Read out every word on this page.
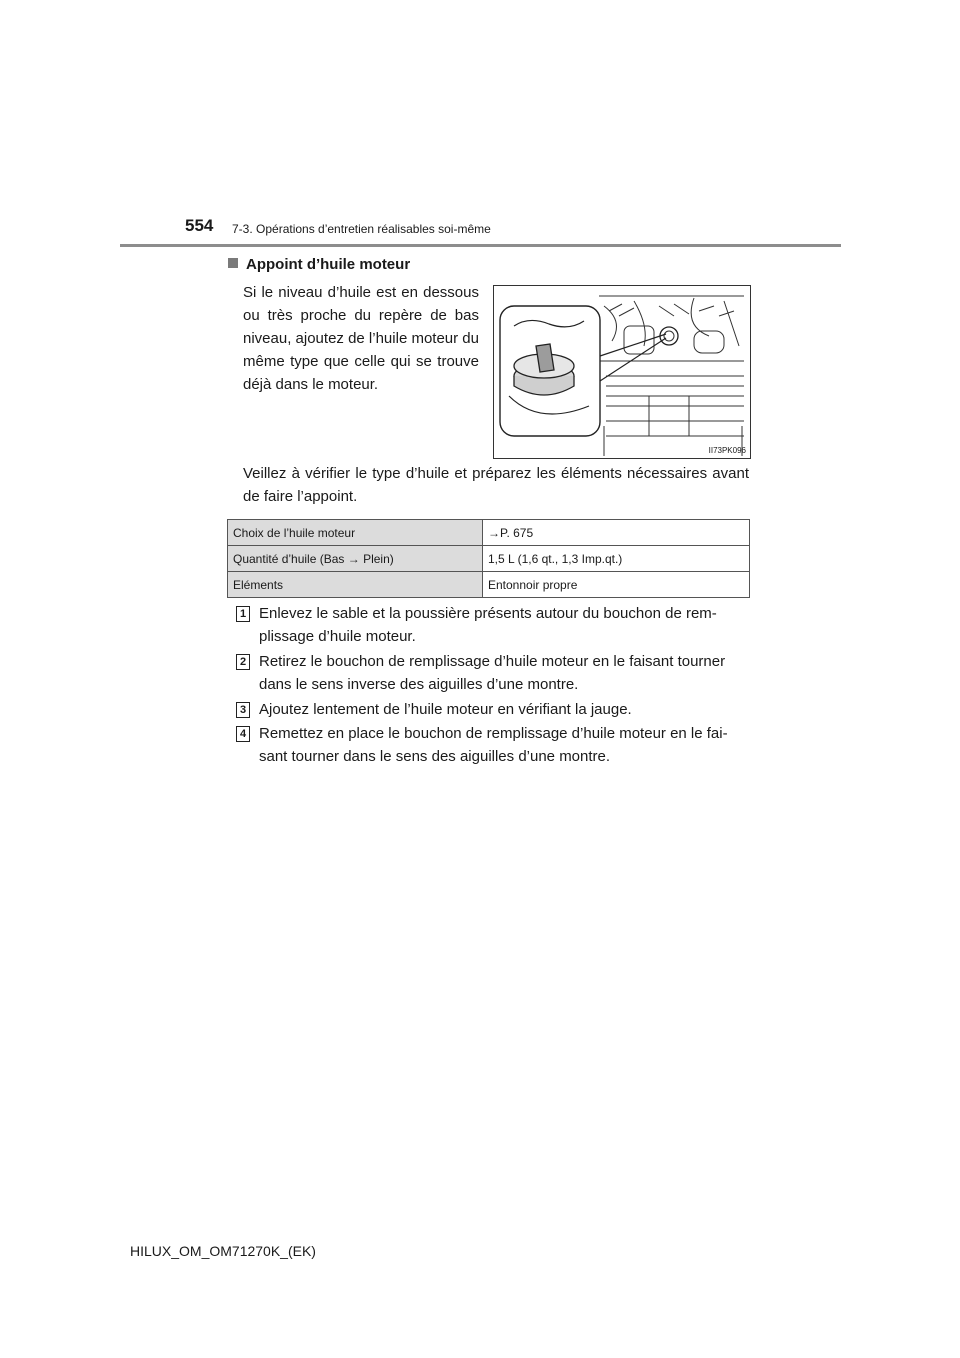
554 7-3. Opérations d’entretien réalisables soi-même
Appoint d’huile moteur
Si le niveau d’huile est en dessous ou très proche du repère de bas niveau, ajoutez de l’huile moteur du même type que celle qui se trouve déjà dans le moteur.
II73PK096
Veillez à vérifier le type d’huile et préparez les éléments nécessaires avant de faire l’appoint.
Choix de l’huile moteur	→P. 675
Quantité d’huile (Bas → Plein)	1,5 L (1,6 qt., 1,3 Imp.qt.)
Eléments	Entonnoir propre
1 Enlevez le sable et la poussière présents autour du bouchon de rem-
plissage d’huile moteur.
2 Retirez le bouchon de remplissage d’huile moteur en le faisant tourner
dans le sens inverse des aiguilles d’une montre.
3 Ajoutez lentement de l’huile moteur en vérifiant la jauge.
4 Remettez en place le bouchon de remplissage d’huile moteur en le fai-
sant tourner dans le sens des aiguilles d’une montre.
HILUX_OM_OM71270K_(EK)
